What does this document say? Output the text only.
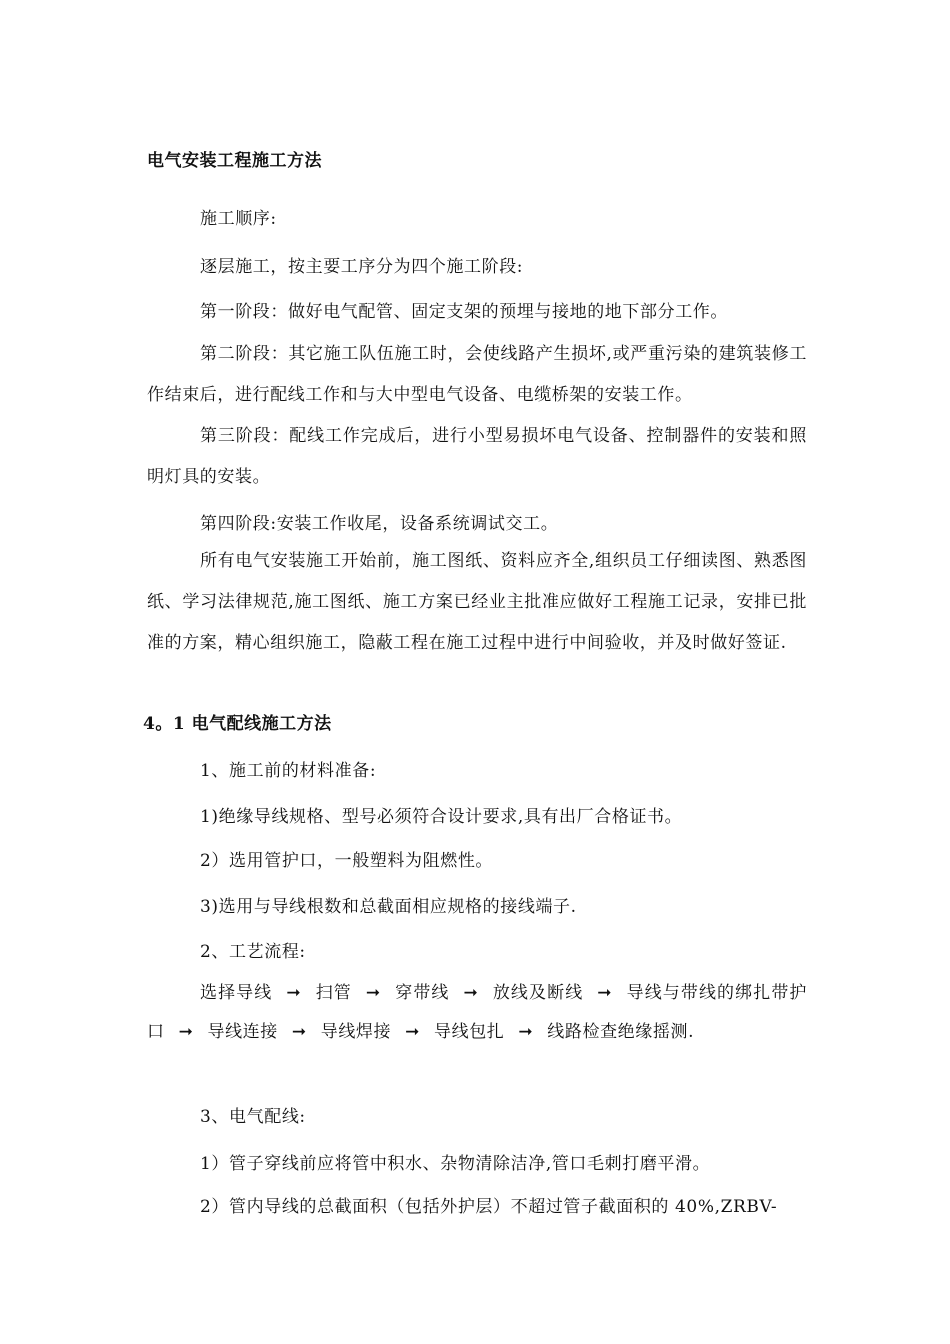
电气安装工程施工方法
施工顺序:
逐层施工，按主要工序分为四个施工阶段:
第一阶段：做好电气配管、固定支架的预埋与接地的地下部分工作。
第二阶段：其它施工队伍施工时，会使线路产生损坏,或严重污染的建筑装修工作结束后，进行配线工作和与大中型电气设备、电缆桥架的安装工作。
第三阶段：配线工作完成后，进行小型易损坏电气设备、控制器件的安装和照明灯具的安装。
第四阶段:安装工作收尾，设备系统调试交工。
所有电气安装施工开始前，施工图纸、资料应齐全,组织员工仔细读图、熟悉图纸、学习法律规范,施工图纸、施工方案已经业主批准应做好工程施工记录，安排已批准的方案，精心组织施工，隐蔽工程在施工过程中进行中间验收，并及时做好签证.
4。1 电气配线施工方法
1、施工前的材料准备:
1)绝缘导线规格、型号必须符合设计要求,具有出厂合格证书。
2）选用管护口，一般塑料为阻燃性。
3)选用与导线根数和总截面相应规格的接线端子.
2、工艺流程:
选择导线 ➞ 扫管 ➞ 穿带线 ➞ 放线及断线 ➞ 导线与带线的绑扎带护口 ➞ 导线连接 ➞ 导线焊接 ➞ 导线包扎 ➞ 线路检查绝缘摇测.
3、电气配线:
1）管子穿线前应将管中积水、杂物清除洁净,管口毛刺打磨平滑。
2）管内导线的总截面积（包括外护层）不超过管子截面积的 40%,ZRBV-
